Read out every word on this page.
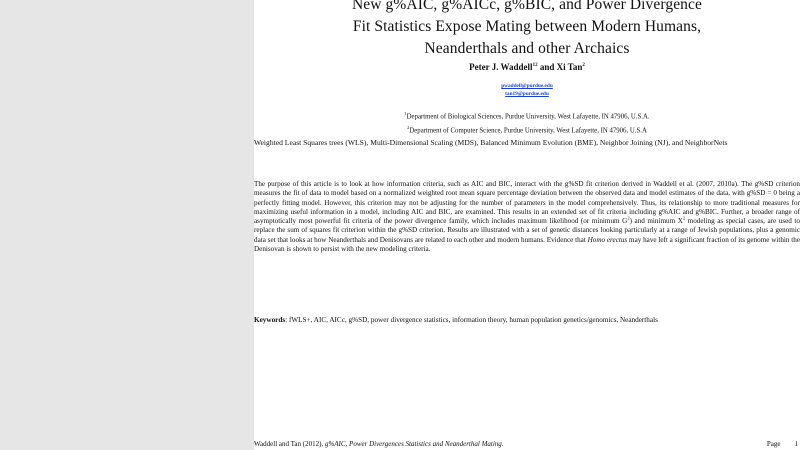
New g%AIC, g%AICc, g%BIC, and Power Divergence
Fit Statistics Expose Mating between Modern Humans,
Neanderthals and other Archaics
Peter J. Waddell$^{12}$ and Xi Tan$^2$
pwaddell@purdue.edu
tan19@purdue.edu
$^1$Department of Biological Sciences, Purdue University, West Lafayette, IN 47906, U.S.A.
$^2$Department of Computer Science, Purdue University, West Lafayette, IN 47906, U.S.A
Weighted Least Squares trees (WLS), Multi-Dimensional Scaling (MDS), Balanced Minimum Evolution (BME), Neighbor Joining (NJ), and NeighborNets
The purpose of this article is to look at how information criteria, such as AIC and BIC, interact with the g%SD fit criterion derived in Waddell et al. (2007, 2010a). The g%SD criterion measures the fit of data to model based on a normalized weighted root mean square percentage deviation between the observed data and model estimates of the data, with g%SD = 0 being a perfectly fitting model. However, this criterion may not be adjusting for the number of parameters in the model comprehensively. Thus, its relationship to more traditional measures for maximizing useful information in a model, including AIC and BIC, are examined. This results in an extended set of fit criteria including g%AIC and g%BIC. Further, a broader range of asymptotically most powerful fit criteria of the power divergence family, which includes maximum likelihood (or minimum $G^2$) and minimum $X^2$ modeling as special cases, are used to replace the sum of squares fit criterion within the g%SD criterion. Results are illustrated with a set of genetic distances looking particularly at a range of Jewish populations, plus a genomic data set that looks at how Neanderthals and Denisovans are related to each other and modern humans. Evidence that Homo erectus may have left a significant fraction of its genome within the Denisovan is shown to persist with the new modeling criteria.
Keywords: fWLS+, AIC, AICc, g%SD, power divergence statistics, information theory, human population genetics/genomics, Neanderthals
Waddell and Tan (2012), g%AIC, Power Divergences Statistics and Neanderthal Mating.	Page 1
